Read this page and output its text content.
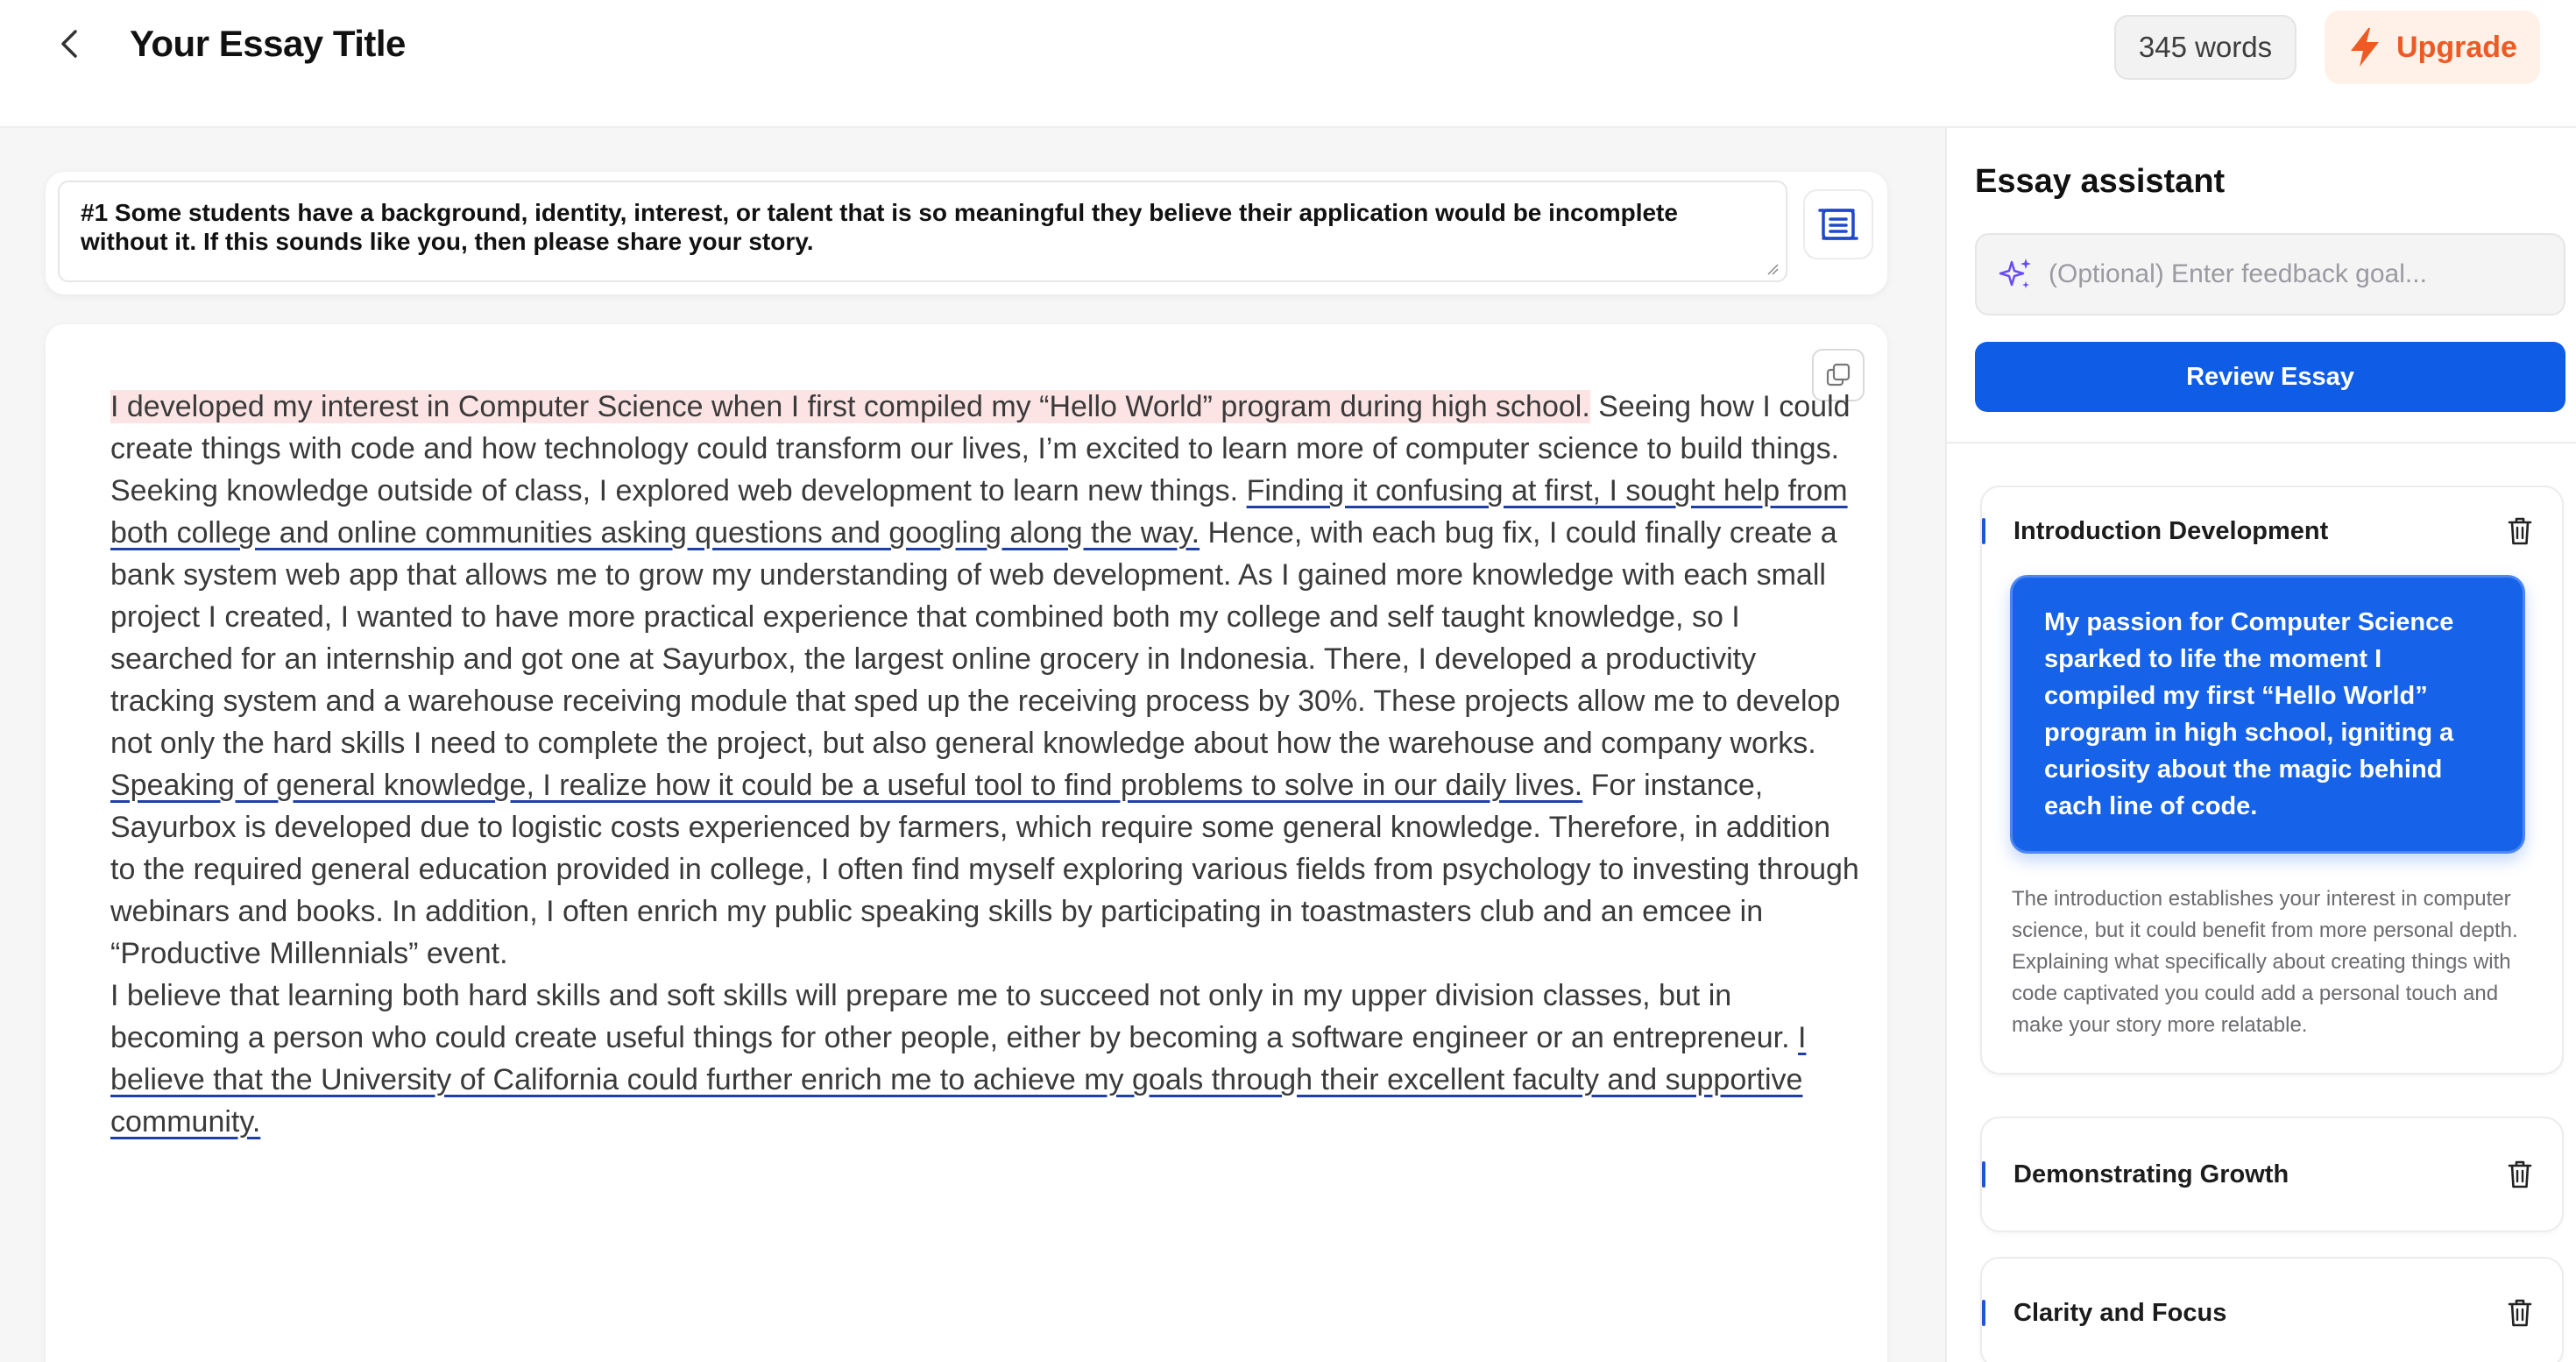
Your Essay Title	345 words	Upgrade
#1 Some students have a background, identity, interest, or talent that is so meaningful they believe their application would be incomplete without it. If this sounds like you, then please share your story.

I developed my interest in Computer Science when I first compiled my “Hello World” program during high school. Seeing how I could create things with code and how technology could transform our lives, I’m excited to learn more of computer science to build things.

Seeking knowledge outside of class, I explored web development to learn new things. Finding it confusing at first, I sought help from both college and online communities asking questions and googling along the way. Hence, with each bug fix, I could finally create a bank system web app that allows me to grow my understanding of web development. As I gained more knowledge with each small project I created, I wanted to have more practical experience that combined both my college and self taught knowledge, so I searched for an internship and got one at Sayurbox, the largest online grocery in Indonesia. There, I developed a productivity tracking system and a warehouse receiving module that sped up the receiving process by 30%. These projects allow me to develop not only the hard skills I need to complete the project, but also general knowledge about how the warehouse and company works.

Speaking of general knowledge, I realize how it could be a useful tool to find problems to solve in our daily lives. For instance, Sayurbox is developed due to logistic costs experienced by farmers, which require some general knowledge. Therefore, in addition to the required general education provided in college, I often find myself exploring various fields from psychology to investing through webinars and books. In addition, I often enrich my public speaking skills by participating in toastmasters club and an emcee in “Productive Millennials” event.

I believe that learning both hard skills and soft skills will prepare me to succeed not only in my upper division classes, but in becoming a person who could create useful things for other people, either by becoming a software engineer or an entrepreneur. I believe that the University of California could further enrich me to achieve my goals through their excellent faculty and supportive community.

Essay assistant
(Optional) Enter feedback goal...
Review Essay
Introduction Development
My passion for Computer Science sparked to life the moment I compiled my first “Hello World” program in high school, igniting a curiosity about the magic behind each line of code.
The introduction establishes your interest in computer science, but it could benefit from more personal depth. Explaining what specifically about creating things with code captivated you could add a personal touch and make your story more relatable.
Demonstrating Growth
Clarity and Focus
